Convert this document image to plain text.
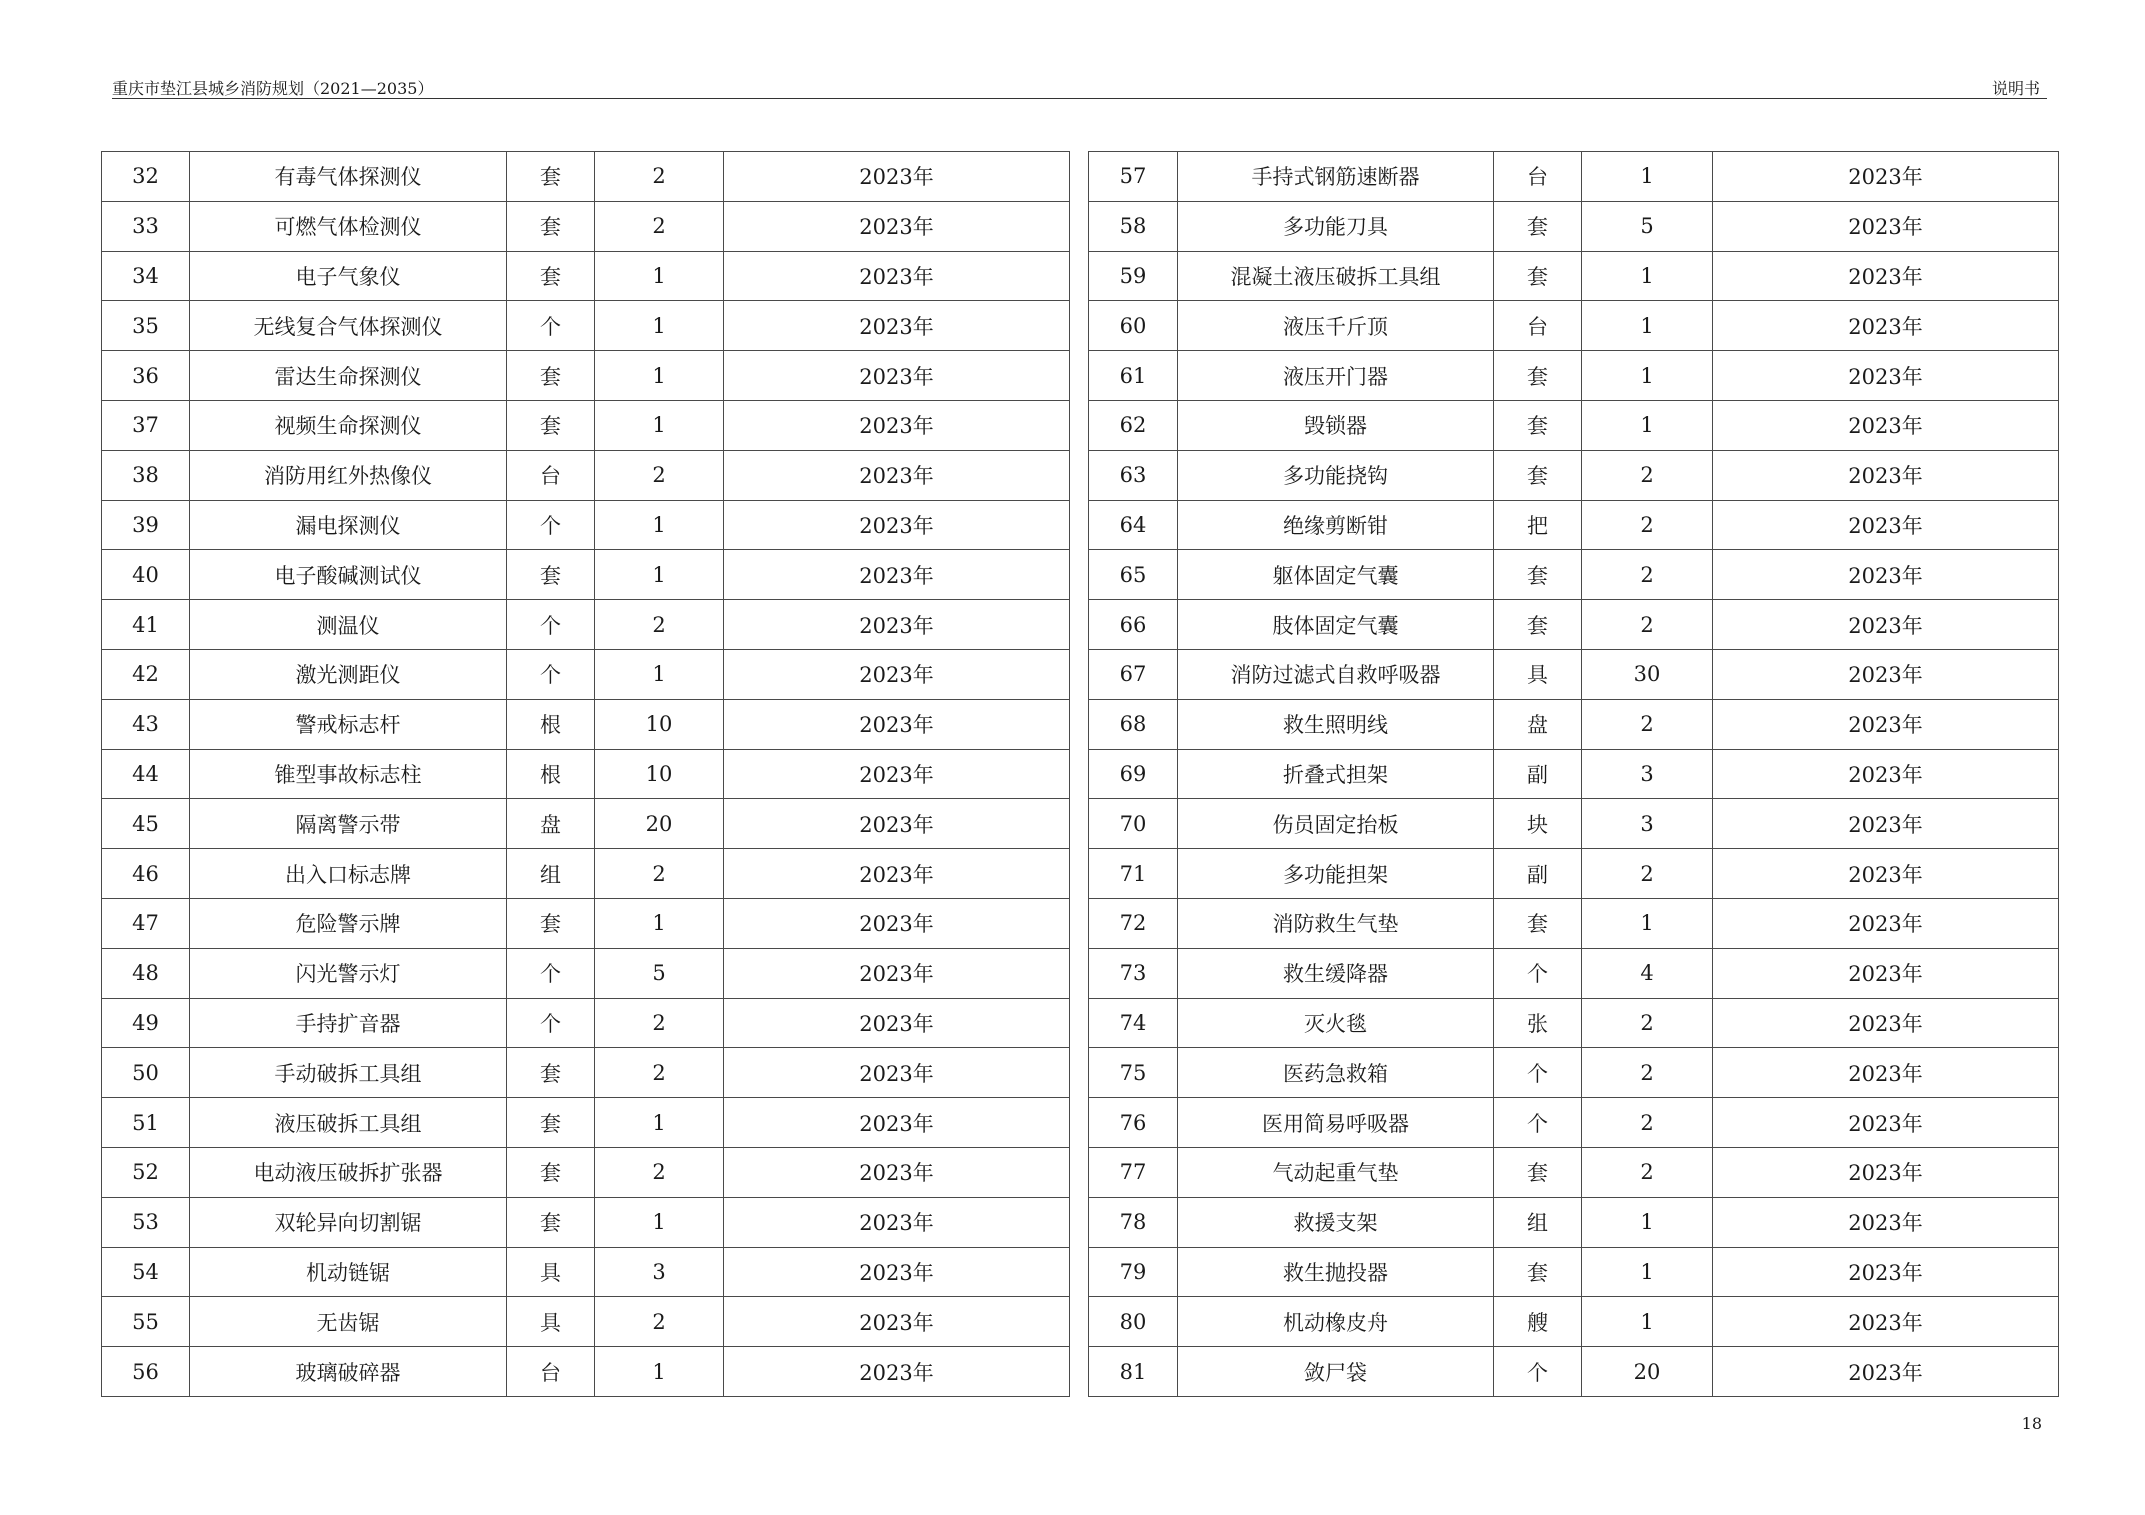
重庆市垫江县城乡消防规划（2021—2035）	说明书
32	有毒气体探测仪	套	2	2023年
33	可燃气体检测仪	套	2	2023年
34	电子气象仪	套	1	2023年
35	无线复合气体探测仪	个	1	2023年
36	雷达生命探测仪	套	1	2023年
37	视频生命探测仪	套	1	2023年
38	消防用红外热像仪	台	2	2023年
39	漏电探测仪	个	1	2023年
40	电子酸碱测试仪	套	1	2023年
41	测温仪	个	2	2023年
42	激光测距仪	个	1	2023年
43	警戒标志杆	根	10	2023年
44	锥型事故标志柱	根	10	2023年
45	隔离警示带	盘	20	2023年
46	出入口标志牌	组	2	2023年
47	危险警示牌	套	1	2023年
48	闪光警示灯	个	5	2023年
49	手持扩音器	个	2	2023年
50	手动破拆工具组	套	2	2023年
51	液压破拆工具组	套	1	2023年
52	电动液压破拆扩张器	套	2	2023年
53	双轮异向切割锯	套	1	2023年
54	机动链锯	具	3	2023年
55	无齿锯	具	2	2023年
56	玻璃破碎器	台	1	2023年
57	手持式钢筋速断器	台	1	2023年
58	多功能刀具	套	5	2023年
59	混凝土液压破拆工具组	套	1	2023年
60	液压千斤顶	台	1	2023年
61	液压开门器	套	1	2023年
62	毁锁器	套	1	2023年
63	多功能挠钩	套	2	2023年
64	绝缘剪断钳	把	2	2023年
65	躯体固定气囊	套	2	2023年
66	肢体固定气囊	套	2	2023年
67	消防过滤式自救呼吸器	具	30	2023年
68	救生照明线	盘	2	2023年
69	折叠式担架	副	3	2023年
70	伤员固定抬板	块	3	2023年
71	多功能担架	副	2	2023年
72	消防救生气垫	套	1	2023年
73	救生缓降器	个	4	2023年
74	灭火毯	张	2	2023年
75	医药急救箱	个	2	2023年
76	医用简易呼吸器	个	2	2023年
77	气动起重气垫	套	2	2023年
78	救援支架	组	1	2023年
79	救生抛投器	套	1	2023年
80	机动橡皮舟	艘	1	2023年
81	敛尸袋	个	20	2023年
18
